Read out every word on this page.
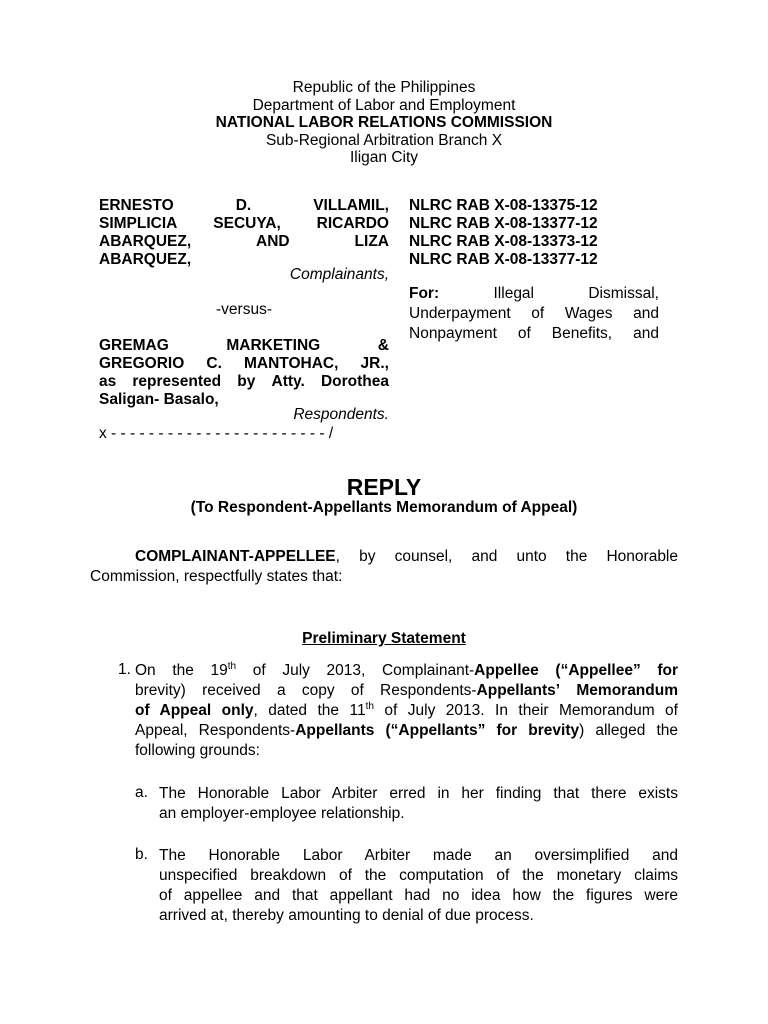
Republic of the Philippines
Department of Labor and Employment
NATIONAL LABOR RELATIONS COMMISSION
Sub-Regional Arbitration Branch X
Iligan City
ERNESTO	D.	VILLAMIL,
SIMPLICIA SECUYA, RICARDO
ABARQUEZ,	AND	LIZA
ABARQUEZ,
Complainants,
-versus-
GREMAG	MARKETING	&
GREGORIO C. MANTOHAC, JR.,
as represented by Atty. Dorothea
Saligan- Basalo,
Respondents.
x - - - - - - - - - - - - - - - - - - - - - - - /
NLRC RAB X-08-13375-12
NLRC RAB X-08-13377-12
NLRC RAB X-08-13373-12
NLRC RAB X-08-13377-12
For:	Illegal	Dismissal,
Underpayment of Wages and
Nonpayment of Benefits, and
REPLY
(To Respondent-Appellants Memorandum of Appeal)
COMPLAINANT-APPELLEE , by counsel, and unto the Honorable
Commission, respectfully states that:
Preliminary Statement
1. On the 19th of July 2013, Complainant-Appellee (“Appellee” for
brevity) received a copy of Respondents-Appellants’ Memorandum
of Appeal only, dated the 11th of July 2013. In their Memorandum of
Appeal, Respondents-Appellants (“Appellants” for brevity) alleged the
following grounds:
a. The Honorable Labor Arbiter erred in her finding that there exists
an employer-employee relationship.
b. The Honorable Labor Arbiter made an oversimplified and
unspecified breakdown of the computation of the monetary claims
of appellee and that appellant had no idea how the figures were
arrived at, thereby amounting to denial of due process.
